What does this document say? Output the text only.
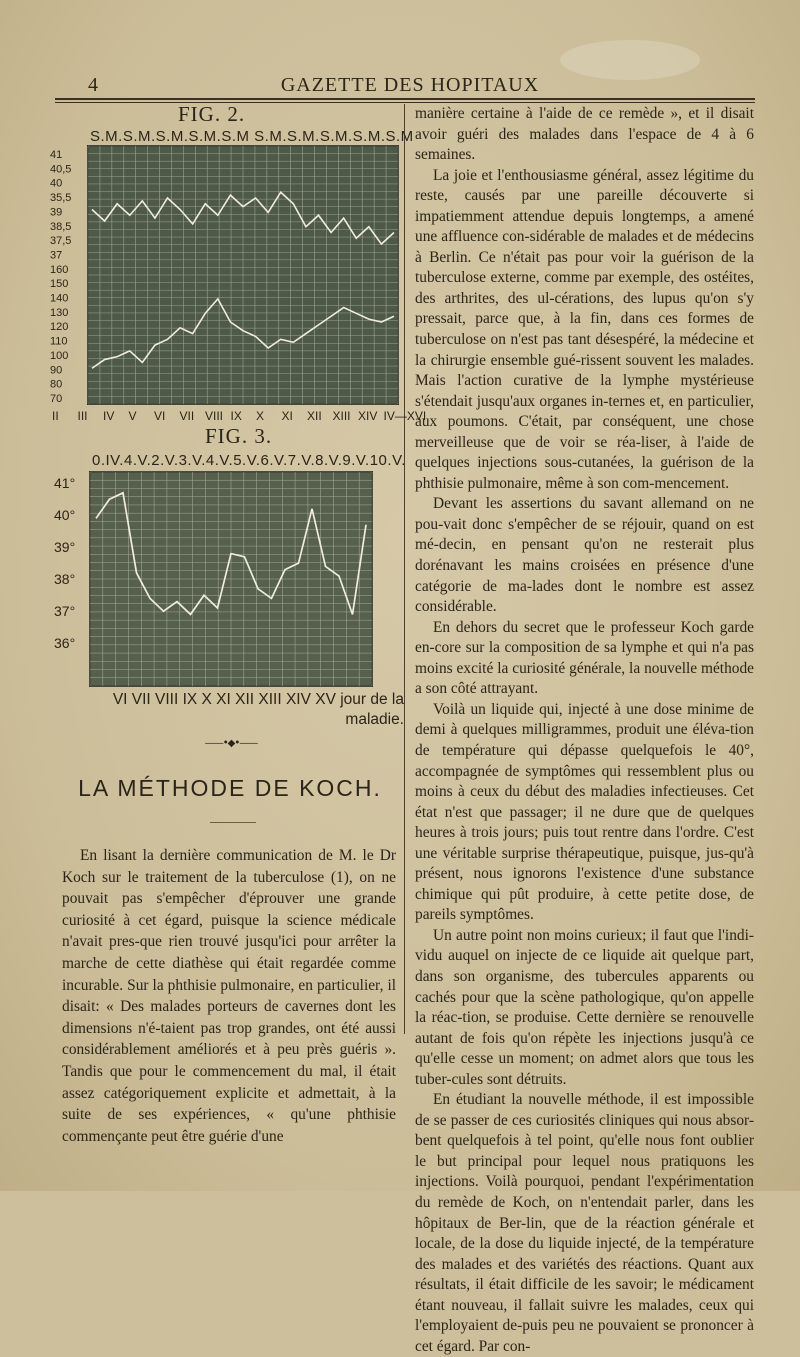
4	GAZETTE DES HOPITAUX
FIG. 2.
S.M.S.M.S.M.S.M.S.M S.M.S.M.S.M.S.M.S.M
41
40,5
40
35,5
39
38,5
37,5
37
160
150
140
130
120
110
100
90
80
70
II III IV V VI VII VIII IX X XI XII XIII XIV IV—XVI
FIG. 3.
0.IV.4.V.2.V.3.V.4.V.5.V.6.V.7.V.8.V.9.V.10.V.
41°
40°
39°
38°
37°
36°
VI VII VIII IX X XI XII XIII XIV XV jour de la maladie.
——•◆•——
LA MÉTHODE DE KOCH.

En lisant la dernière communication de M. le Dr Koch sur le traitement de la tuberculose (1), on ne pouvait pas s'empêcher d'éprouver une grande curiosité à cet égard, puisque la science médicale n'avait pres-que rien trouvé jusqu'ici pour arrêter la marche de cette diathèse qui était regardée comme incurable. Sur la phthisie pulmonaire, en particulier, il disait: « Des malades porteurs de cavernes dont les dimensions n'é-taient pas trop grandes, ont été aussi considérablement améliorés et à peu près guéris ». Tandis que pour le commencement du mal, il était assez catégoriquement explicite et admettait, à la suite de ses expériences, « qu'une phthisie commençante peut être guérie d'une

manière certaine à l'aide de ce remède », et il disait avoir guéri des malades dans l'espace de 4 à 6 semaines.

La joie et l'enthousiasme général, assez légitime du reste, causés par une pareille découverte si impatiemment attendue depuis longtemps, a amené une affluence con-sidérable de malades et de médecins à Berlin. Ce n'était pas pour voir la guérison de la tuberculose externe, comme par exemple, des ostéites, des arthrites, des ul-cérations, des lupus qu'on s'y pressait, parce que, à la fin, dans ces formes de tuberculose on n'est pas tant désespéré, la médecine et la chirurgie ensemble gué-rissent souvent les malades. Mais l'action curative de la lymphe mystérieuse s'étendait jusqu'aux organes in-ternes et, en particulier, aux poumons. C'était, par conséquent, une chose merveilleuse que de voir se réa-liser, à l'aide de quelques injections sous-cutanées, la guérison de la phthisie pulmonaire, même à son com-mencement.

Devant les assertions du savant allemand on ne pou-vait donc s'empêcher de se réjouir, quand on est mé-decin, en pensant qu'on ne resterait plus dorénavant les mains croisées en présence d'une catégorie de ma-lades dont le nombre est assez considérable.

En dehors du secret que le professeur Koch garde en-core sur la composition de sa lymphe et qui n'a pas moins excité la curiosité générale, la nouvelle méthode a son côté attrayant.

Voilà un liquide qui, injecté à une dose minime de demi à quelques milligrammes, produit une éléva-tion de température qui dépasse quelquefois le 40°, accompagnée de symptômes qui ressemblent plus ou moins à ceux du début des maladies infectieuses. Cet état n'est que passager; il ne dure que de quelques heures à trois jours; puis tout rentre dans l'ordre. C'est une véritable surprise thérapeutique, puisque, jus-qu'à présent, nous ignorons l'existence d'une substance chimique qui pût produire, à cette petite dose, de pareils symptômes.

Un autre point non moins curieux; il faut que l'indi-vidu auquel on injecte de ce liquide ait quelque part, dans son organisme, des tubercules apparents ou cachés pour que la scène pathologique, qu'on appelle la réac-tion, se produise. Cette dernière se renouvelle autant de fois qu'on répète les injections jusqu'à ce qu'elle cesse un moment; on admet alors que tous les tuber-cules sont détruits.

En étudiant la nouvelle méthode, il est impossible de se passer de ces curiosités cliniques qui nous absor-bent quelquefois à tel point, qu'elle nous font oublier le but principal pour lequel nous pratiquons les injections. Voilà pourquoi, pendant l'expérimentation du remède de Koch, on n'entendait parler, dans les hôpitaux de Ber-lin, que de la réaction générale et locale, de la dose du liquide injecté, de la température des malades et des variétés des réactions. Quant aux résultats, il était difficile de les savoir; le médicament étant nouveau, il fallait suivre les malades, ceux qui l'employaient de-puis peu ne pouvaient se prononcer à cet égard. Par con-
